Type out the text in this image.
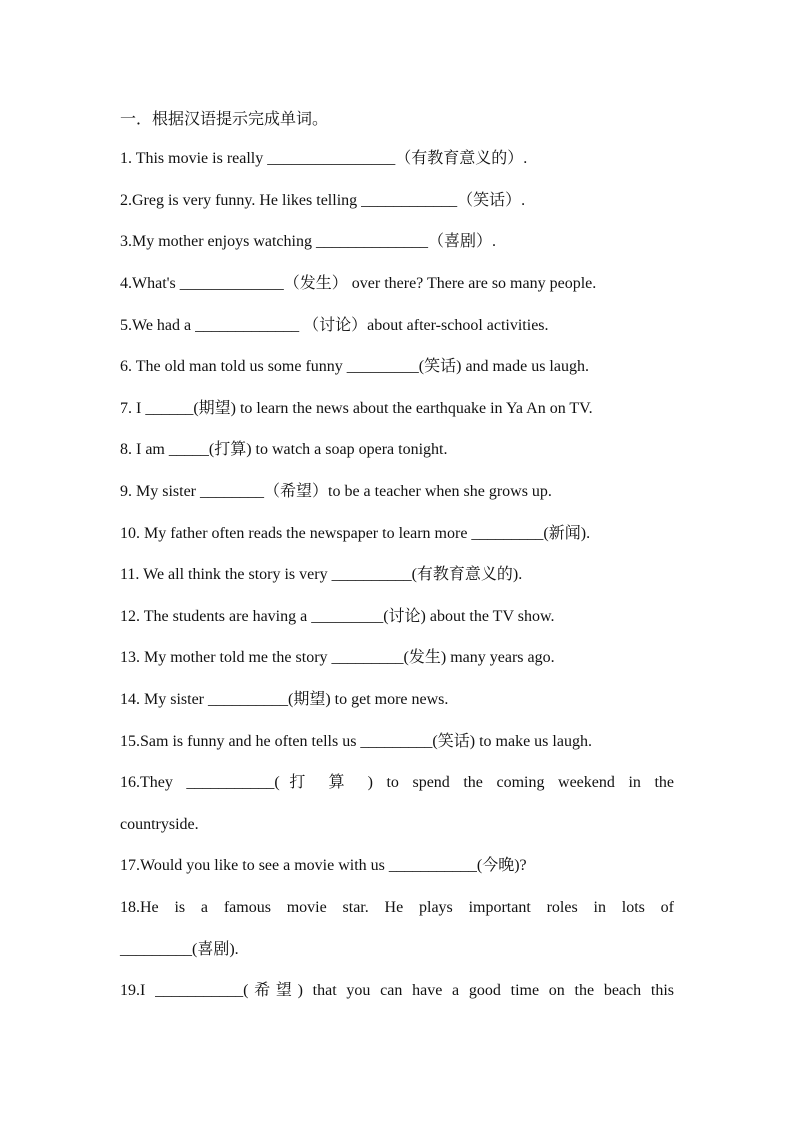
一．根据汉语提示完成单词。
1. This movie is really ________________（有教育意义的）.
2.Greg is very funny. He likes telling ____________（笑话）.
3.My mother enjoys watching ______________（喜剧）.
4.What's _____________（发生） over there? There are so many people.
5.We had a _____________ （讨论）about after-school activities.
6. The old man told us some funny _________(笑话) and made us laugh.
7. I ______(期望) to learn the news about the earthquake in Ya An on TV.
8. I am _____(打算) to watch a soap opera tonight.
9. My sister ________（希望）to be a teacher when she grows up.
10. My father often reads the newspaper to learn more _________(新闻).
11. We all think the story is very __________(有教育意义的).
12. The students are having a _________(讨论) about the TV show.
13. My mother told me the story _________(发生) many years ago.
14. My sister __________(期望) to get more news.
15.Sam is funny and he often tells us _________(笑话) to make us laugh.
16.They ___________(打 算 ) to spend the coming weekend in the
countryside.
17.Would you like to see a movie with us ___________(今晚)?
18.He is a famous movie star. He plays important roles in lots of
_________(喜剧).
19.I ___________(希望) that you can have a good time on the beach this
